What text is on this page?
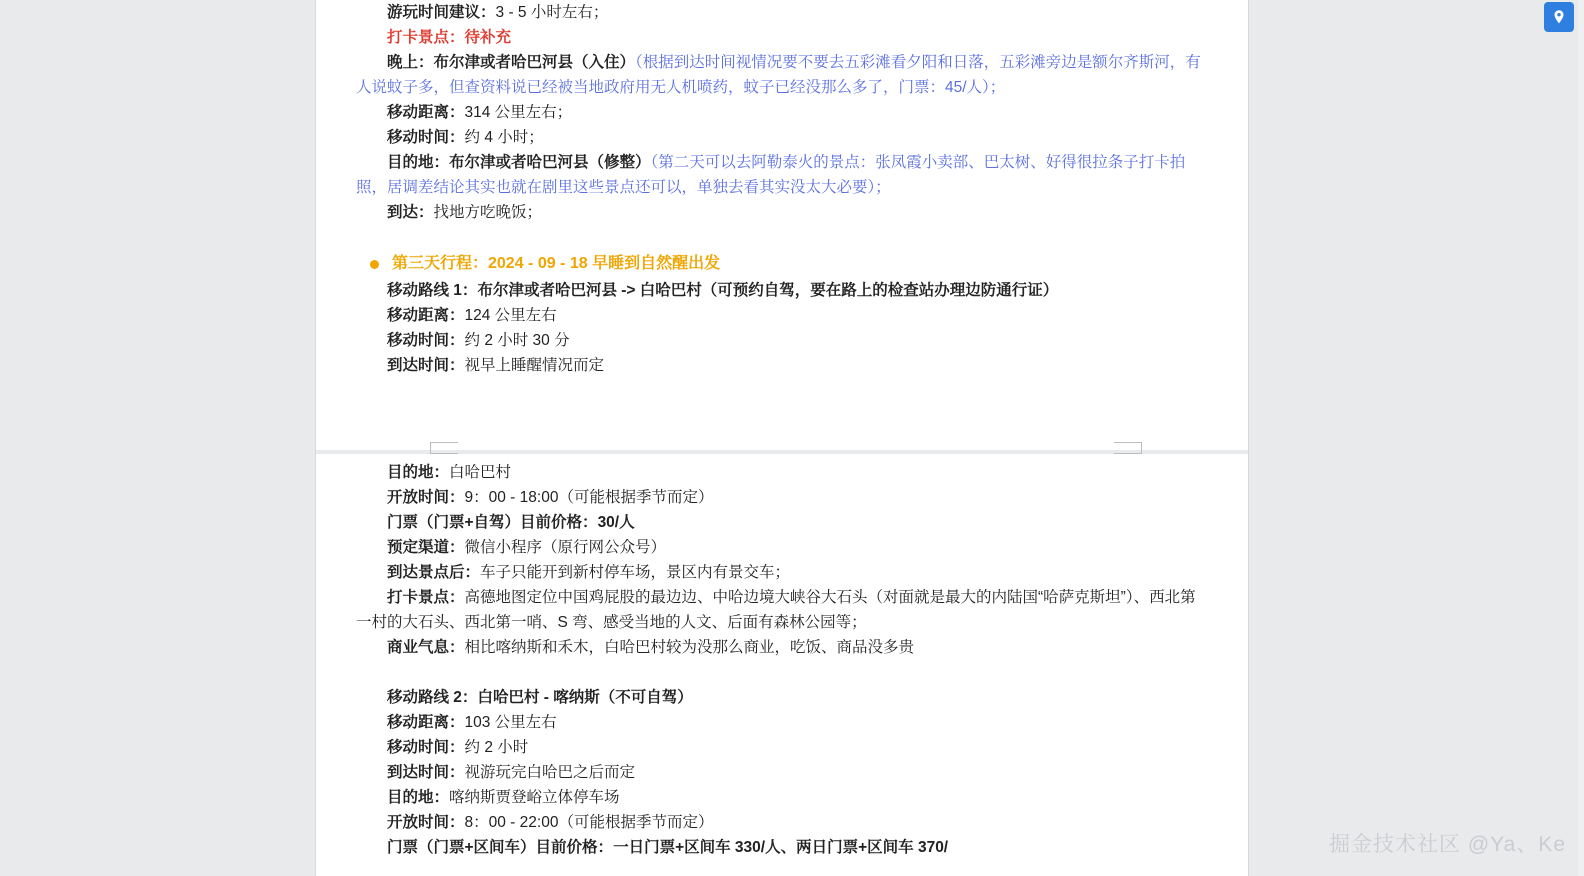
游玩时间建议：3 - 5 小时左右；

打卡景点：待补充

晚上：布尔津或者哈巴河县（入住）（根据到达时间视情况要不要去五彩滩看夕阳和日落，五彩滩旁边是额尔齐斯河，有人说蚊子多，但查资料说已经被当地政府用无人机喷药，蚊子已经没那么多了，门票：45/人）；

移动距离：314 公里左右；

移动时间：约 4 小时；

目的地：布尔津或者哈巴河县（修整）（第二天可以去阿勒泰火的景点：张凤霞小卖部、巴太树、好得很拉条子打卡拍照，居调差结论其实也就在剧里这些景点还可以，单独去看其实没太大必要）；

到达：找地方吃晚饭；

第三天行程：2024 - 09 - 18 早睡到自然醒出发

移动路线 1：布尔津或者哈巴河县 -> 白哈巴村（可预约自驾，要在路上的检查站办理边防通行证）

移动距离：124 公里左右

移动时间：约 2 小时 30 分

到达时间：视早上睡醒情况而定

目的地：白哈巴村

开放时间：9：00 - 18:00（可能根据季节而定）

门票（门票+自驾）目前价格：30/人

预定渠道：微信小程序（原行网公众号）

到达景点后：车子只能开到新村停车场，景区内有景交车；

打卡景点：高德地图定位中国鸡屁股的最边边、中哈边境大峡谷大石头（对面就是最大的内陆国“哈萨克斯坦”）、西北第一村的大石头、西北第一哨、S 弯、感受当地的人文、后面有森林公园等；

商业气息：相比喀纳斯和禾木，白哈巴村较为没那么商业，吃饭、商品没多贵

移动路线 2：白哈巴村 - 喀纳斯（不可自驾）

移动距离：103 公里左右

移动时间：约 2 小时

到达时间：视游玩完白哈巴之后而定

目的地：喀纳斯贾登峪立体停车场

开放时间：8：00 - 22:00（可能根据季节而定）

门票（门票+区间车）目前价格：一日门票+区间车 330/人、两日门票+区间车 370/	掘金技术社区 @Ya、Ke
